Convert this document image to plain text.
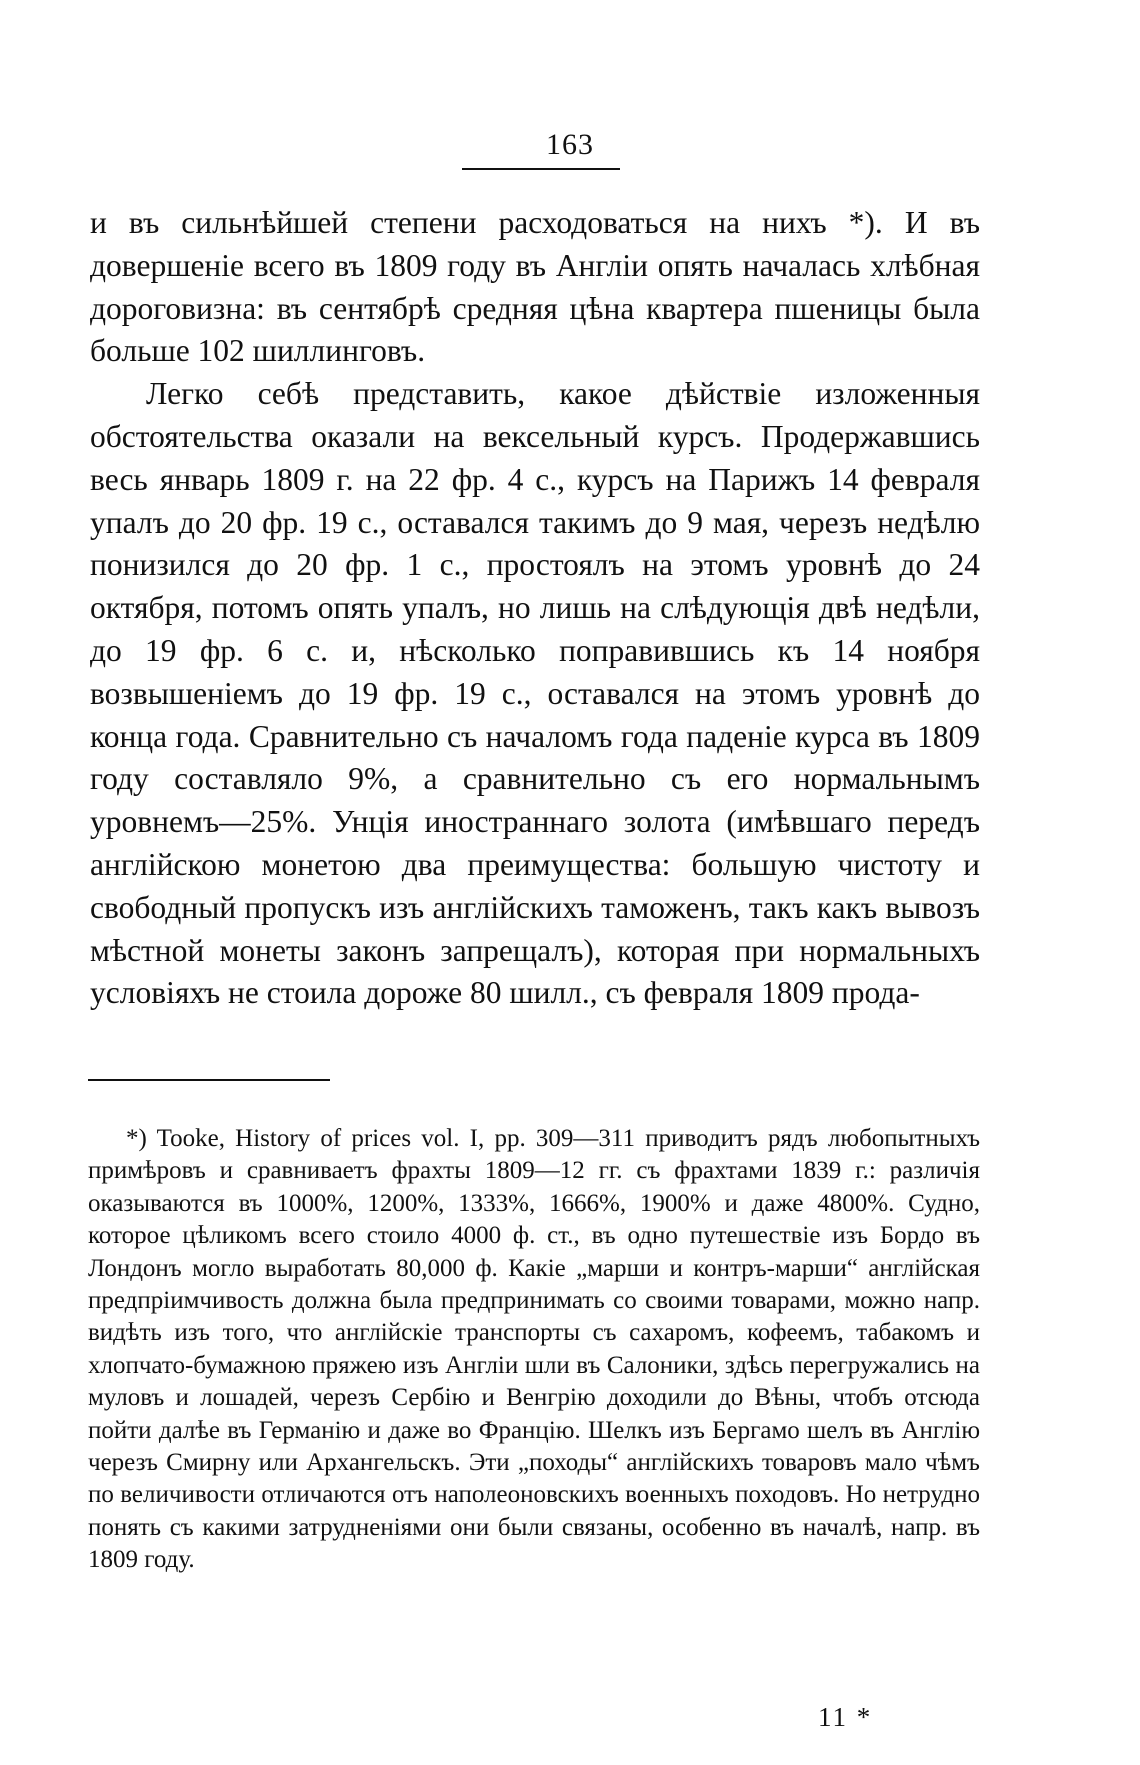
163

и въ сильнѣйшей степени расходоваться на нихъ *). И въ довершеніе всего въ 1809 году въ Англіи опять началась хлѣбная дороговизна: въ сентябрѣ средняя цѣна квартера пшеницы была больше 102 шиллинговъ.

Легко себѣ представить, какое дѣйствіе изложенныя обстоятельства оказали на вексельный курсъ. Продержавшись весь январь 1809 г. на 22 фр. 4 с., курсъ на Парижъ 14 февраля упалъ до 20 фр. 19 с., оставался такимъ до 9 мая, черезъ недѣлю понизился до 20 фр. 1 с., простоялъ на этомъ уровнѣ до 24 октября, потомъ опять упалъ, но лишь на слѣдующія двѣ недѣли, до 19 фр. 6 с. и, нѣсколько поправившись къ 14 ноября возвышеніемъ до 19 фр. 19 с., оставался на этомъ уровнѣ до конца года. Сравнительно съ началомъ года паденіе курса въ 1809 году составляло 9%, а сравнительно съ его нормальнымъ уровнемъ—25%. Унція иностраннаго золота (имѣвшаго передъ англійскою монетою два преимущества: большую чистоту и свободный пропускъ изъ англійскихъ таможенъ, такъ какъ вывозъ мѣстной монеты законъ запрещалъ), которая при нормальныхъ условіяхъ не стоила дороже 80 шилл., съ февраля 1809 прода-

*) Tooke, History of prices vol. I, pp. 309—311 приводитъ рядъ любопытныхъ примѣровъ и сравниваетъ фрахты 1809—12 гг. съ фрахтами 1839 г.: различія оказываются въ 1000%, 1200%, 1333%, 1666%, 1900% и даже 4800%. Судно, которое цѣликомъ всего стоило 4000 ф. ст., въ одно путешествіе изъ Бордо въ Лондонъ могло выработать 80,000 ф. Какіе „марши и контръ-марши“ англійская предпріимчивость должна была предпринимать со своими товарами, можно напр. видѣть изъ того, что англійскіе транспорты съ сахаромъ, кофеемъ, табакомъ и хлопчато-бумажною пряжею изъ Англіи шли въ Салоники, здѣсь перегружались на муловъ и лошадей, черезъ Сербію и Венгрію доходили до Вѣны, чтобъ отсюда пойти далѣе въ Германію и даже во Францію. Шелкъ изъ Бергамо шелъ въ Англію черезъ Смирну или Архангельскъ. Эти „походы“ англійскихъ товаровъ мало чѣмъ по величивости отличаются отъ наполеоновскихъ военныхъ походовъ. Но нетрудно понять съ какими затрудненіями они были связаны, особенно въ началѣ, напр. въ 1809 году.

11 *
